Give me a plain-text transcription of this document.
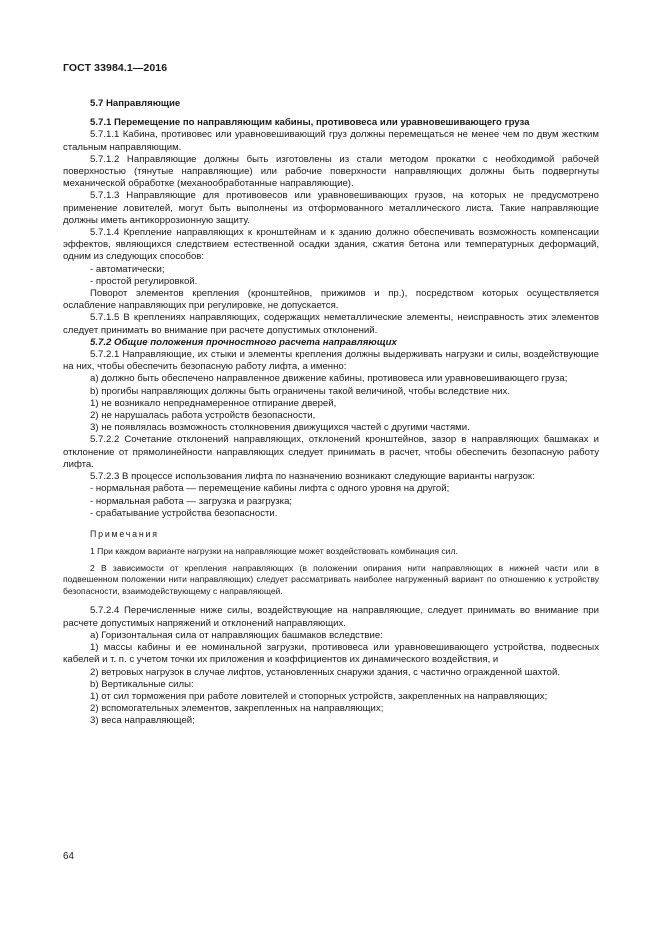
ГОСТ 33984.1—2016

5.7 Направляющие

5.7.1 Перемещение по направляющим кабины, противовеса или уравновешивающего груза

5.7.1.1 Кабина, противовес или уравновешивающий груз должны перемещаться не менее чем по двум жестким стальным направляющим.

5.7.1.2 Направляющие должны быть изготовлены из стали методом прокатки с необходимой рабочей поверхностью (тянутые направляющие) или рабочие поверхности направляющих должны быть подвергнуты механической обработке (механообработанные направляющие).

5.7.1.3 Направляющие для противовесов или уравновешивающих грузов, на которых не предусмотрено применение ловителей, могут быть выполнены из отформованного металлического листа. Такие направляющие должны иметь антикоррозионную защиту.

5.7.1.4 Крепление направляющих к кронштейнам и к зданию должно обеспечивать возможность компенсации эффектов, являющихся следствием естественной осадки здания, сжатия бетона или температурных деформаций, одним из следующих способов:

- автоматически;

- простой регулировкой.

Поворот элементов крепления (кронштейнов, прижимов и пр.), посредством которых осуществляется ослабление направляющих при регулировке, не допускается.

5.7.1.5 В креплениях направляющих, содержащих неметаллические элементы, неисправность этих элементов следует принимать во внимание при расчете допустимых отклонений.

5.7.2 Общие положения прочностного расчета направляющих

5.7.2.1 Направляющие, их стыки и элементы крепления должны выдерживать нагрузки и силы, воздействующие на них, чтобы обеспечить безопасную работу лифта, а именно:

a) должно быть обеспечено направленное движение кабины, противовеса или уравновешивающего груза;

b) прогибы направляющих должны быть ограничены такой величиной, чтобы вследствие них.

1) не возникало непреднамеренное отпирание дверей,

2) не нарушалась работа устройств безопасности,

3) не появлялась возможность столкновения движущихся частей с другими частями.

5.7.2.2 Сочетание отклонений направляющих, отклонений кронштейнов, зазор в направляющих башмаках и отклонение от прямолинейности направляющих следует принимать в расчет, чтобы обеспечить безопасную работу лифта.

5.7.2.3 В процессе использования лифта по назначению возникают следующие варианты нагрузок:

- нормальная работа — перемещение кабины лифта с одного уровня на другой;

- нормальная работа — загрузка и разгрузка;

- срабатывание устройства безопасности.

Примечания

1 При каждом варианте нагрузки на направляющие может воздействовать комбинация сил.

2 В зависимости от крепления направляющих (в положении опирания нити направляющих в нижней части или в подвешенном положении нити направляющих) следует рассматривать наиболее нагруженный вариант по отношению к устройству безопасности, взаимодействующему с направляющей.

5.7.2.4 Перечисленные ниже силы, воздействующие на направляющие, следует принимать во внимание при расчете допустимых напряжений и отклонений направляющих.

a) Горизонтальная сила от направляющих башмаков вследствие:

1) массы кабины и ее номинальной загрузки, противовеса или уравновешивающего устройства, подвесных кабелей и т. п. с учетом точки их приложения и коэффициентов их динамического воздействия, и

2) ветровых нагрузок в случае лифтов, установленных снаружи здания, с частично огражденной шахтой.

b) Вертикальные силы:

1) от сил торможения при работе ловителей и стопорных устройств, закрепленных на направляющих;

2) вспомогательных элементов, закрепленных на направляющих;

3) веса направляющей;

64
